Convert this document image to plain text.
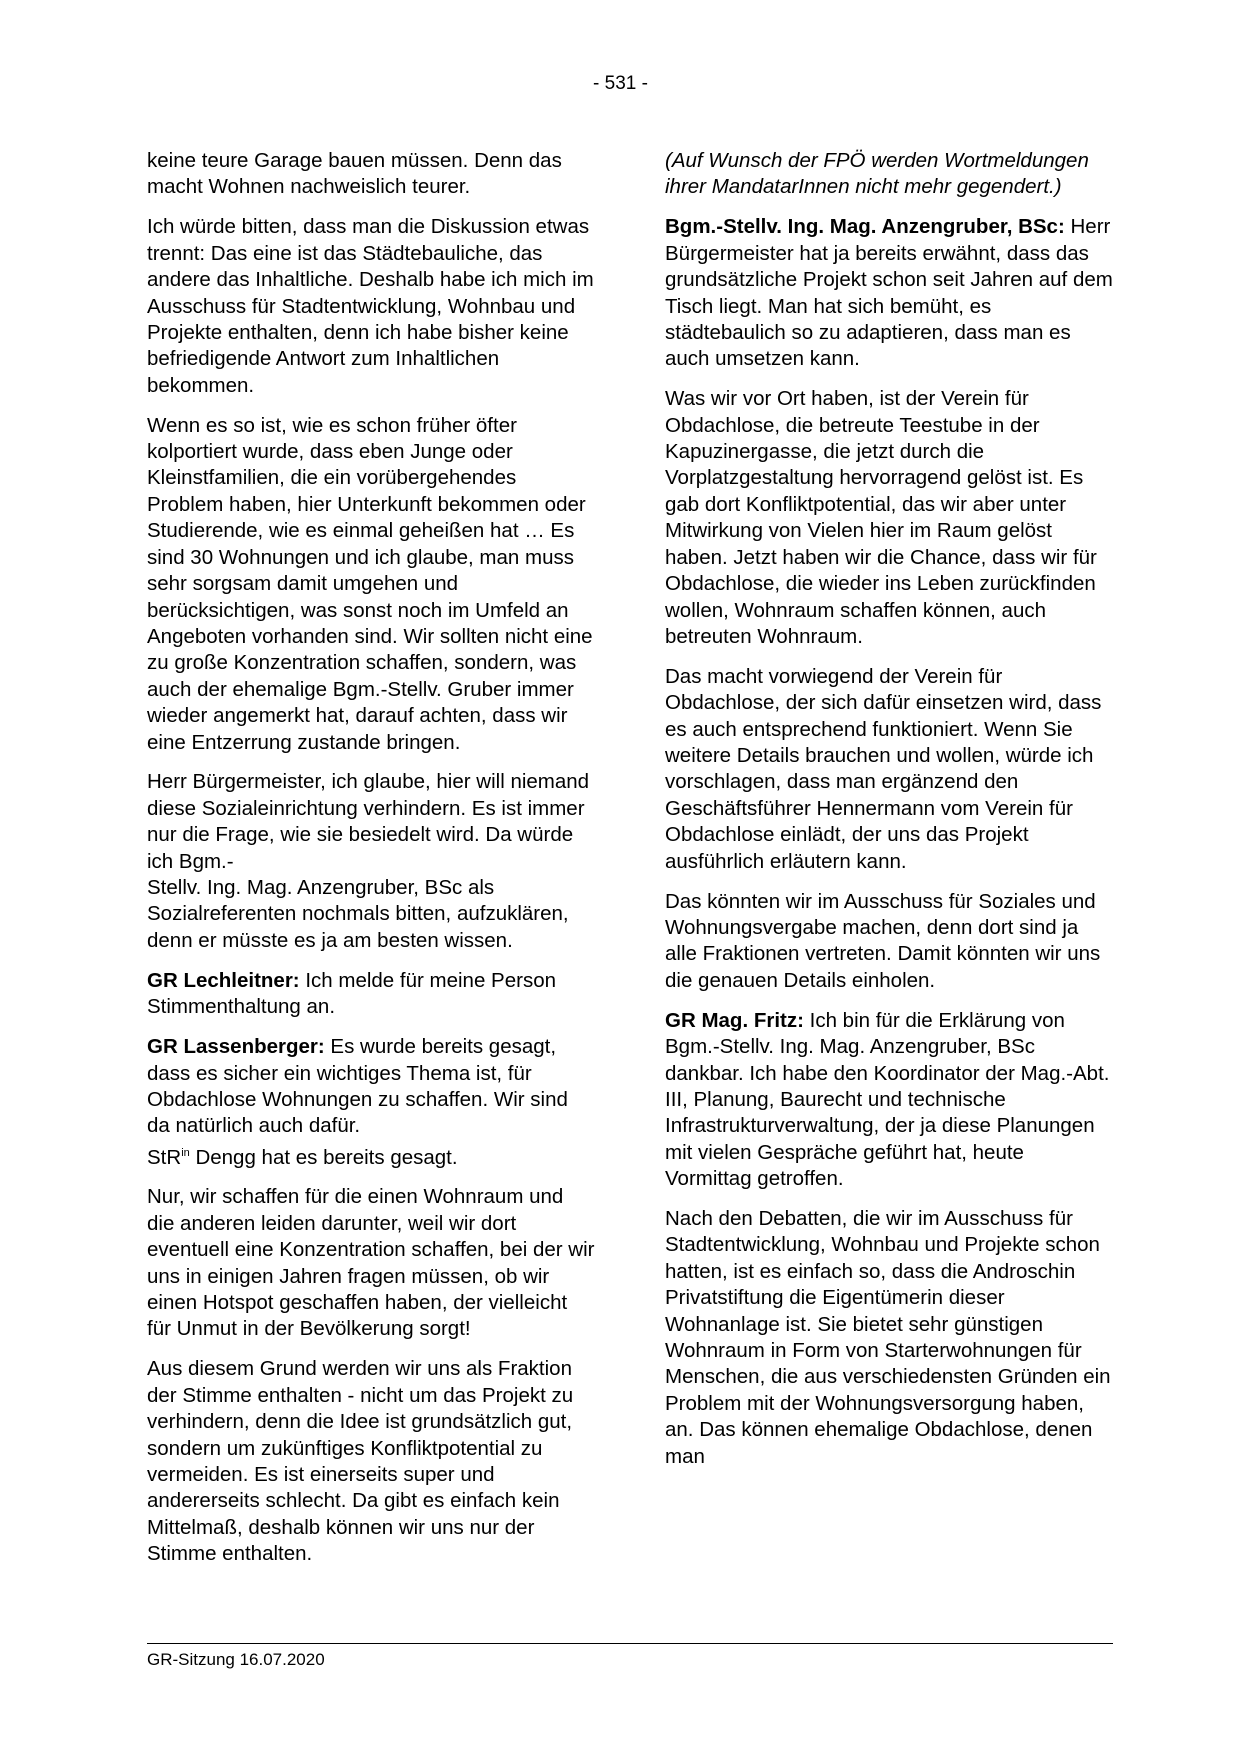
- 531 -

keine teure Garage bauen müssen. Denn das macht Wohnen nachweislich teurer.

Ich würde bitten, dass man die Diskussion etwas trennt: Das eine ist das Städtebauliche, das andere das Inhaltliche. Deshalb habe ich mich im Ausschuss für Stadtentwicklung, Wohnbau und Projekte enthalten, denn ich habe bisher keine befriedigende Antwort zum Inhaltlichen bekommen.

Wenn es so ist, wie es schon früher öfter kolportiert wurde, dass eben Junge oder Kleinstfamilien, die ein vorübergehendes Problem haben, hier Unterkunft bekommen oder Studierende, wie es einmal geheißen hat … Es sind 30 Wohnungen und ich glaube, man muss sehr sorgsam damit umgehen und berücksichtigen, was sonst noch im Umfeld an Angeboten vorhanden sind. Wir sollten nicht eine zu große Konzentration schaffen, sondern, was auch der ehemalige Bgm.-Stellv. Gruber immer wieder angemerkt hat, darauf achten, dass wir eine Entzerrung zustande bringen.

Herr Bürgermeister, ich glaube, hier will niemand diese Sozialeinrichtung verhindern. Es ist immer nur die Frage, wie sie besiedelt wird. Da würde ich Bgm.-
Stellv. Ing. Mag. Anzengruber, BSc als Sozialreferenten nochmals bitten, aufzuklären, denn er müsste es ja am besten wissen.

GR Lechleitner: Ich melde für meine Person Stimmenthaltung an.

GR Lassenberger: Es wurde bereits gesagt, dass es sicher ein wichtiges Thema ist, für Obdachlose Wohnungen zu schaffen. Wir sind da natürlich auch dafür.
StR$^{in}$ Dengg hat es bereits gesagt.

Nur, wir schaffen für die einen Wohnraum und die anderen leiden darunter, weil wir dort eventuell eine Konzentration schaffen, bei der wir uns in einigen Jahren fragen müssen, ob wir einen Hotspot geschaffen haben, der vielleicht für Unmut in der Bevölkerung sorgt!

Aus diesem Grund werden wir uns als Fraktion der Stimme enthalten - nicht um das Projekt zu verhindern, denn die Idee ist grundsätzlich gut, sondern um zukünftiges Konfliktpotential zu vermeiden. Es ist einerseits super und andererseits schlecht. Da gibt es einfach kein Mittelmaß, deshalb können wir uns nur der Stimme enthalten.

(Auf Wunsch der FPÖ werden Wortmeldungen ihrer MandatarInnen nicht mehr gegendert.)

Bgm.-Stellv. Ing. Mag. Anzengruber, BSc: Herr Bürgermeister hat ja bereits erwähnt, dass das grundsätzliche Projekt schon seit Jahren auf dem Tisch liegt. Man hat sich bemüht, es städtebaulich so zu adaptieren, dass man es auch umsetzen kann.

Was wir vor Ort haben, ist der Verein für Obdachlose, die betreute Teestube in der Kapuzinergasse, die jetzt durch die Vorplatzgestaltung hervorragend gelöst ist. Es gab dort Konfliktpotential, das wir aber unter Mitwirkung von Vielen hier im Raum gelöst haben. Jetzt haben wir die Chance, dass wir für Obdachlose, die wieder ins Leben zurückfinden wollen, Wohnraum schaffen können, auch betreuten Wohnraum.

Das macht vorwiegend der Verein für Obdachlose, der sich dafür einsetzen wird, dass es auch entsprechend funktioniert. Wenn Sie weitere Details brauchen und wollen, würde ich vorschlagen, dass man ergänzend den Geschäftsführer Hennermann vom Verein für Obdachlose einlädt, der uns das Projekt ausführlich erläutern kann.

Das könnten wir im Ausschuss für Soziales und Wohnungsvergabe machen, denn dort sind ja alle Fraktionen vertreten. Damit könnten wir uns die genauen Details einholen.

GR Mag. Fritz: Ich bin für die Erklärung von Bgm.-Stellv. Ing. Mag. Anzengruber, BSc dankbar. Ich habe den Koordinator der Mag.-Abt. III, Planung, Baurecht und technische Infrastrukturverwaltung, der ja diese Planungen mit vielen Gespräche geführt hat, heute Vormittag getroffen.

Nach den Debatten, die wir im Ausschuss für Stadtentwicklung, Wohnbau und Projekte schon hatten, ist es einfach so, dass die Androschin Privatstiftung die Eigentümerin dieser Wohnanlage ist. Sie bietet sehr günstigen Wohnraum in Form von Starterwohnungen für Menschen, die aus verschiedensten Gründen ein Problem mit der Wohnungsversorgung haben, an. Das können ehemalige Obdachlose, denen man

GR-Sitzung 16.07.2020
